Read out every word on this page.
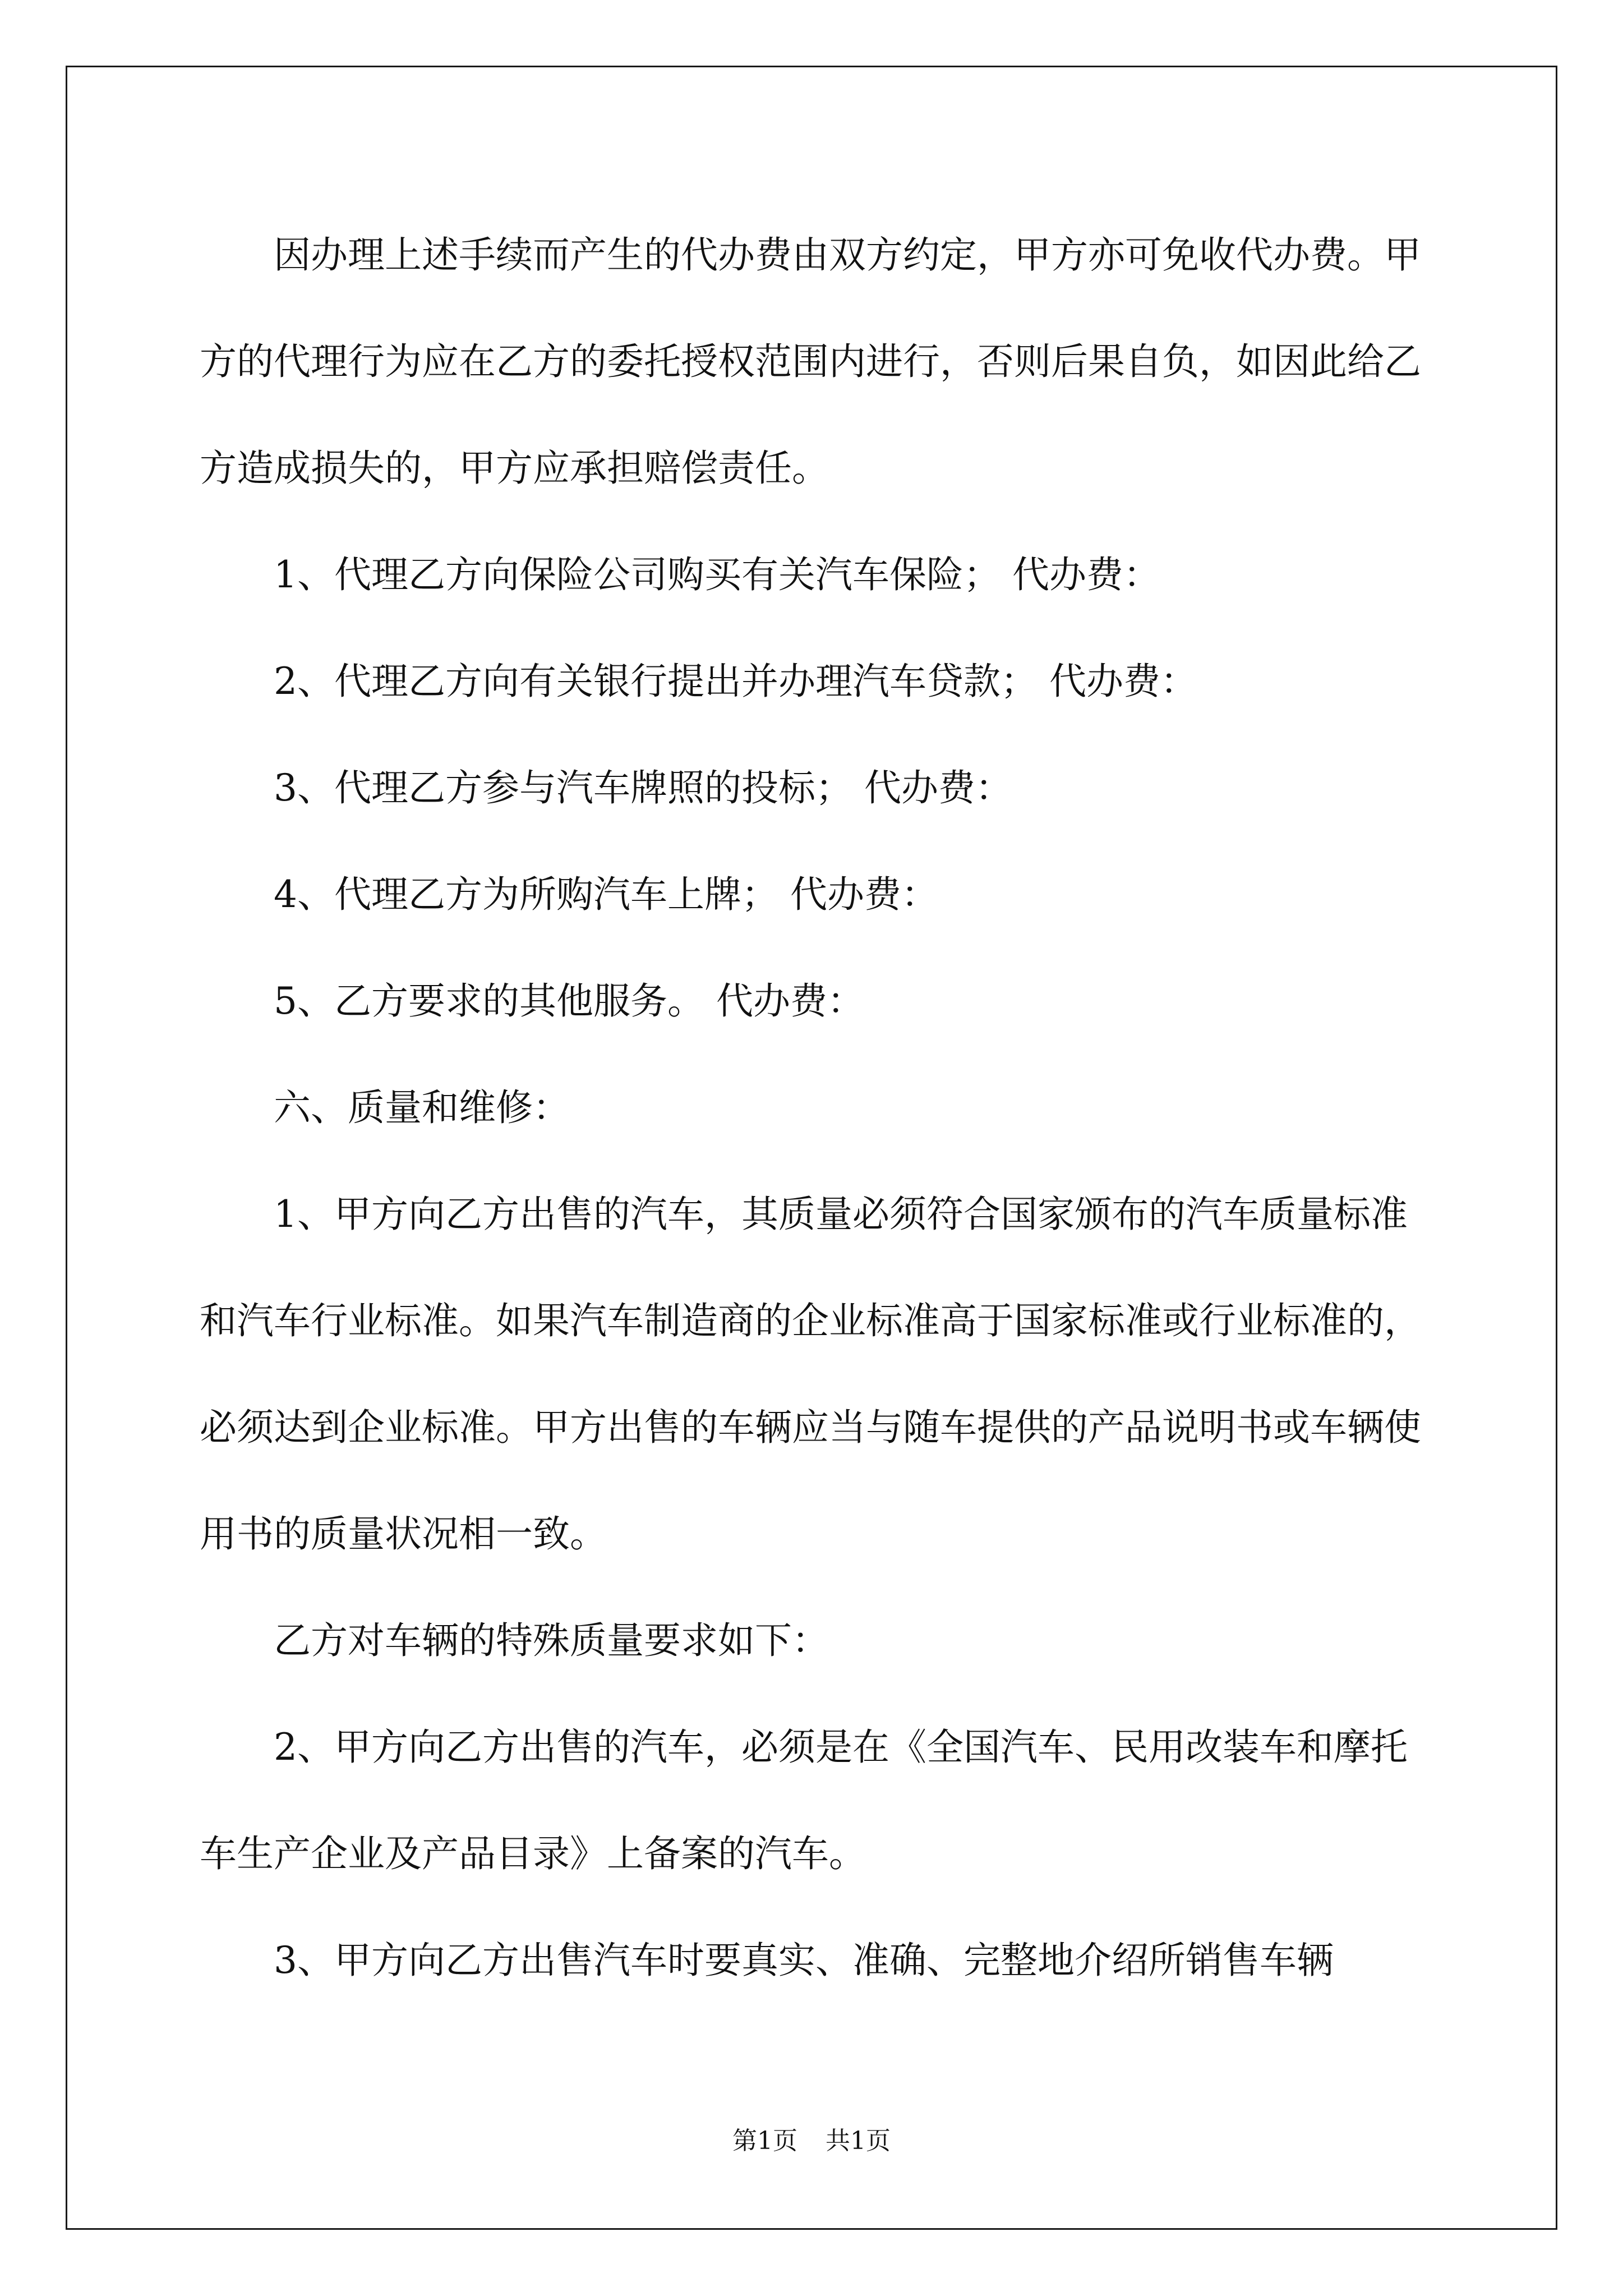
因办理上述手续而产生的代办费由双方约定，甲方亦可免收代办费。甲方的代理行为应在乙方的委托授权范围内进行，否则后果自负，如因此给乙方造成损失的，甲方应承担赔偿责任。

1、代理乙方向保险公司购买有关汽车保险； 代办费：

2、代理乙方向有关银行提出并办理汽车贷款； 代办费：

3、代理乙方参与汽车牌照的投标； 代办费：

4、代理乙方为所购汽车上牌； 代办费：

5、乙方要求的其他服务。 代办费：

六、质量和维修：

1、甲方向乙方出售的汽车，其质量必须符合国家颁布的汽车质量标准和汽车行业标准。如果汽车制造商的企业标准高于国家标准或行业标准的，必须达到企业标准。甲方出售的车辆应当与随车提供的产品说明书或车辆使用书的质量状况相一致。

乙方对车辆的特殊质量要求如下：

2、甲方向乙方出售的汽车，必须是在《全国汽车、民用改装车和摩托车生产企业及产品目录》上备案的汽车。

3、甲方向乙方出售汽车时要真实、准确、完整地介绍所销售车辆

第1页 共1页
